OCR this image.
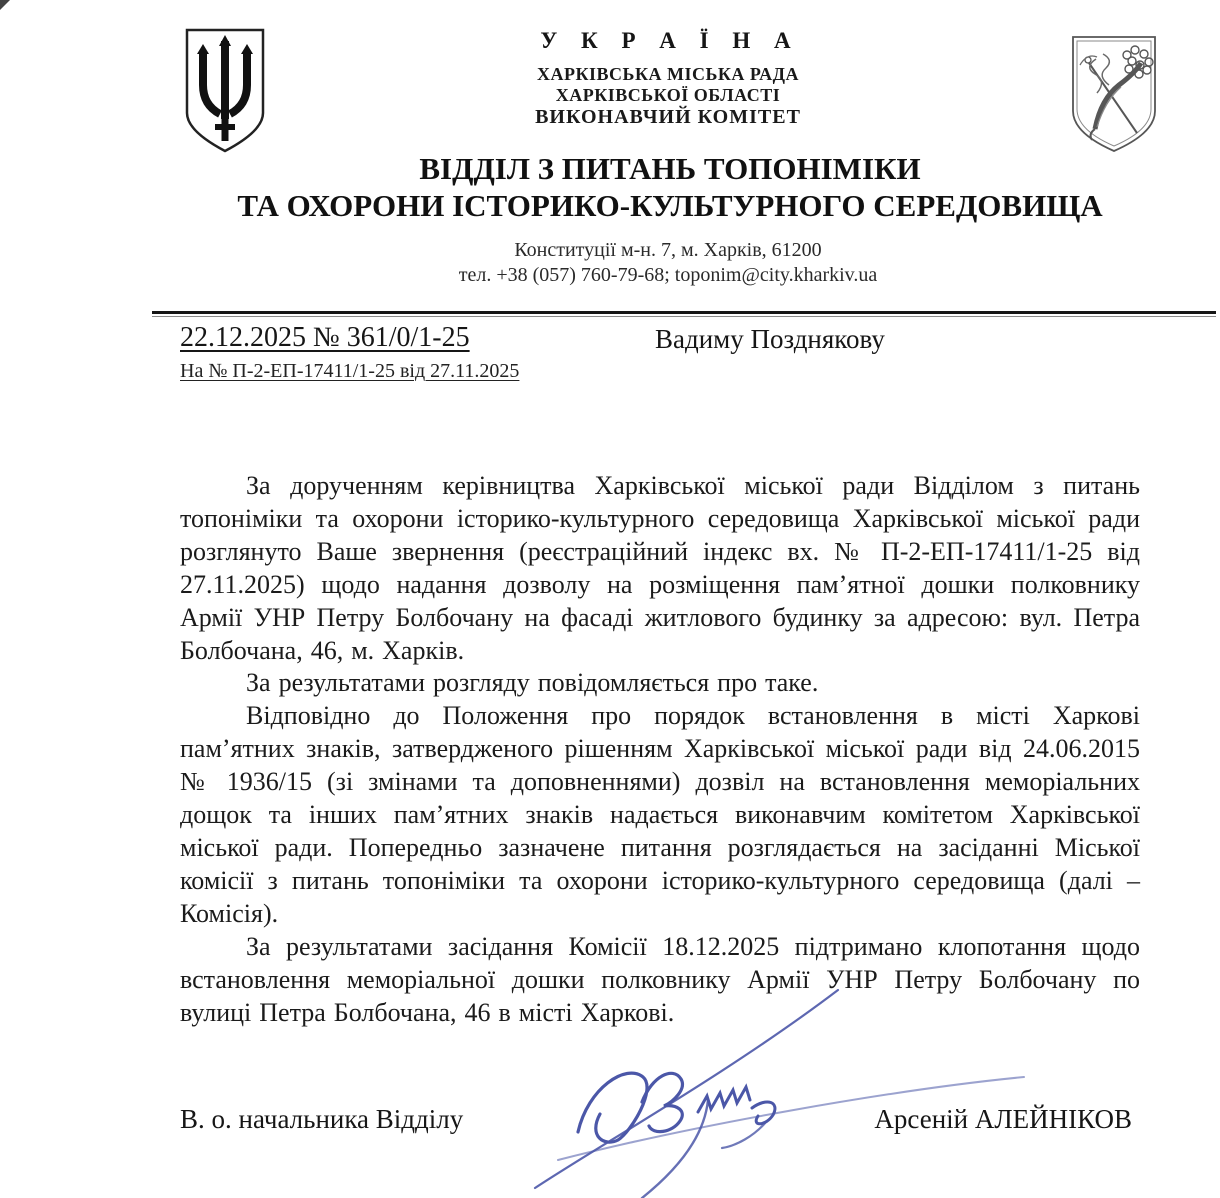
У К Р А Ї Н А
ХАРКІВСЬКА МІСЬКА РАДА
ХАРКІВСЬКОЇ ОБЛАСТІ
ВИКОНАВЧИЙ КОМІТЕТ
ВІДДІЛ З ПИТАНЬ ТОПОНІМІКИ
ТА ОХОРОНИ ІСТОРИКО-КУЛЬТУРНОГО СЕРЕДОВИЩА
Конституції м-н. 7, м. Харків, 61200
тел. +38 (057) 760-79-68; toponim@city.kharkiv.ua
22.12.2025 № 361/0/1-25
На № П-2-ЕП-17411/1-25 від 27.11.2025
Вадиму Позднякову

За дорученням керівництва Харківської міської ради Відділом з питань топоніміки та охорони історико-культурного середовища Харківської міської ради розглянуто Ваше звернення (реєстраційний індекс вх. № П-2-ЕП-17411/1-25 від 27.11.2025) щодо надання дозволу на розміщення пам’ятної дошки полковнику Армії УНР Петру Болбочану на фасаді житлового будинку за адресою: вул. Петра Болбочана, 46, м. Харків.

За результатами розгляду повідомляється про таке.

Відповідно до Положення про порядок встановлення в місті Харкові пам’ятних знаків, затвердженого рішенням Харківської міської ради від 24.06.2015 № 1936/15 (зі змінами та доповненнями) дозвіл на встановлення меморіальних дощок та інших пам’ятних знаків надається виконавчим комітетом Харківської міської ради. Попередньо зазначене питання розглядається на засіданні Міської комісії з питань топоніміки та охорони історико-культурного середовища (далі – Комісія).

За результатами засідання Комісії 18.12.2025 підтримано клопотання щодо встановлення меморіальної дошки полковнику Армії УНР Петру Болбочану по вулиці Петра Болбочана, 46 в місті Харкові.

В. о. начальника Відділу	Арсеній АЛЕЙНІКОВ
